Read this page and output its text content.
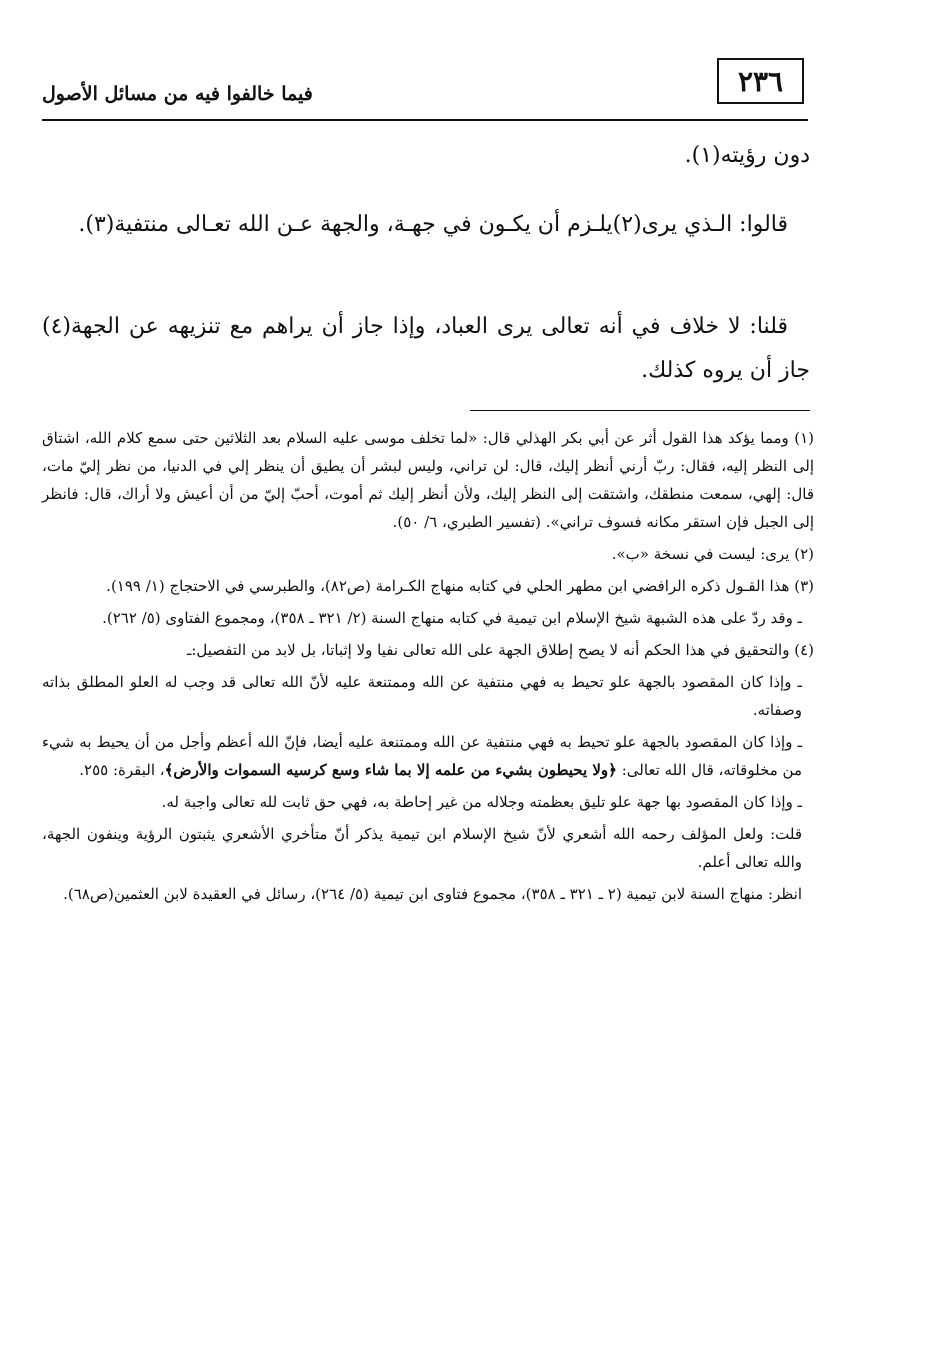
٢٣٦
فيما خالفوا فيه من مسائل الأصول

دون رؤيته(١).

قالوا: الـذي يرى(٢)يلـزم أن يكـون في جهـة، والجهة عـن الله تعـالى منتفية(٣).

قلنا: لا خلاف في أنه تعالى يرى العباد، وإذا جاز أن يراهم مع تنزيهه عن الجهة(٤) جاز أن يروه كذلك.

(١) ومما يؤكد هذا القول أثر عن أبي بكر الهذلي قال: «لما تخلف موسى عليه السلام بعد الثلاثين حتى سمع كلام الله، اشتاق إلى النظر إليه، فقال: ربّ أرني أنظر إليك، قال: لن تراني، وليس لبشر أن يطيق أن ينظر إلي في الدنيا، من نظر إليّ مات، قال: إلهي، سمعت منطقك، واشتقت إلى النظر إليك، ولأن أنظر إليك ثم أموت، أحبّ إليّ من أن أعيش ولا أراك، قال: فانظر إلى الجبل فإن استقر مكانه فسوف تراني». (تفسير الطبري، ٦/ ٥٠).

(٢) يرى: ليست في نسخة «ب».

(٣) هذا القـول ذكره الرافضي ابن مطهر الحلي في كتابه منهاج الكـرامة (ص٨٢)، والطبرسي في الاحتجاج (١/ ١٩٩).

ـ وقد ردّ على هذه الشبهة شيخ الإسلام ابن تيمية في كتابه منهاج السنة (٢/ ٣٢١ ـ ٣٥٨)، ومجموع الفتاوى (٥/ ٢٦٢).

(٤) والتحقيق في هذا الحكم أنه لا يصح إطلاق الجهة على الله تعالى نفيا ولا إثباتا، بل لابد من التفصيل:ـ

ـ وإذا كان المقصود بالجهة علو تحيط به فهي منتفية عن الله وممتنعة عليه لأنّ الله تعالى قد وجب له العلو المطلق بذاته وصفاته.

ـ وإذا كان المقصود بالجهة علو تحيط به فهي منتفية عن الله وممتنعة عليه أيضا، فإنّ الله أعظم وأجل من أن يحيط به شيء من مخلوقاته، قال الله تعالى: ﴿ولا يحيطون بشيء من علمه إلا بما شاء وسع كرسيه السموات والأرض﴾، البقرة: ٢٥٥.

ـ وإذا كان المقصود بها جهة علو تليق بعظمته وجلاله من غير إحاطة به، فهي حق ثابت لله تعالى واجبة له.

قلت: ولعل المؤلف رحمه الله أشعري لأنّ شيخ الإسلام ابن تيمية يذكر أنّ متأخري الأشعري يثبتون الرؤية وينفون الجهة، والله تعالى أعلم.

انظر: منهاج السنة لابن تيمية (٢ ـ ٣٢١ ـ ٣٥٨)، مجموع فتاوى ابن تيمية (٥/ ٢٦٤)، رسائل في العقيدة لابن العثمين(ص٦٨).
